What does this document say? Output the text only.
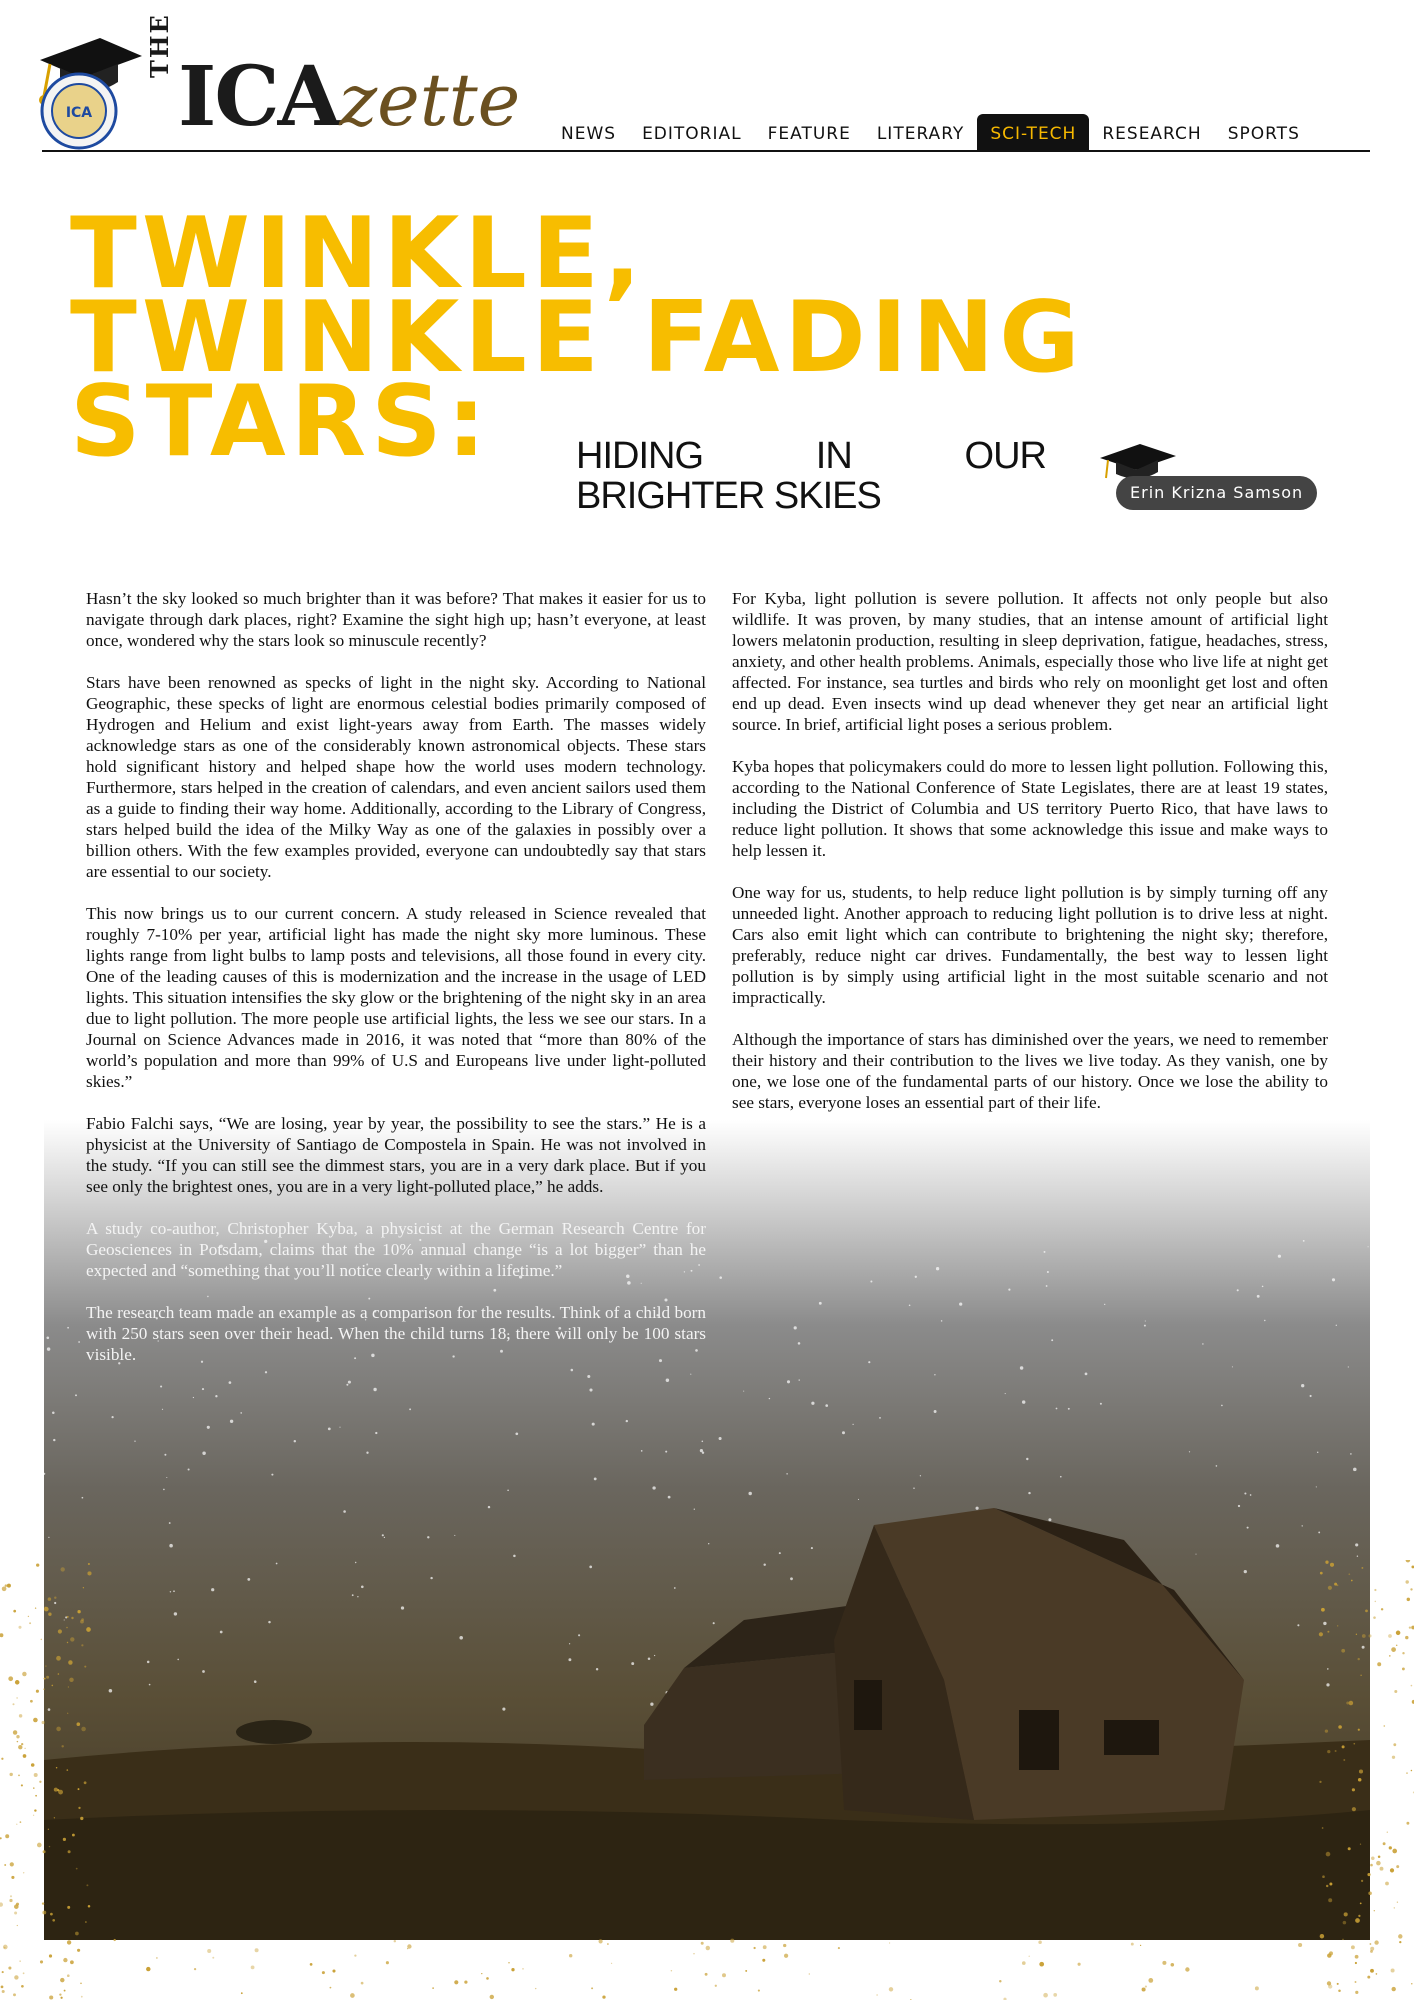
ICA
THE
ICAzette	NEWS	EDITORIAL	FEATURE	LITERARY	SCI-TECH	RESEARCH	SPORTS
TWINKLE,
TWINKLE FADING
STARS:	HIDING	IN	OUR
BRIGHTER SKIES	Erin Krizna Samson

Hasn’t the sky looked so much brighter than it was before? That makes it easier for us to navigate through dark places, right? Examine the sight high up; hasn’t everyone, at least once, wondered why the stars look so minuscule recently?

Stars have been renowned as specks of light in the night sky. According to National Geographic, these specks of light are enormous celestial bodies primarily composed of Hydrogen and Helium and exist light-years away from Earth. The masses widely acknowledge stars as one of the considerably known astronomical objects. These stars hold significant history and helped shape how the world uses modern technology. Furthermore, stars helped in the creation of calendars, and even ancient sailors used them as a guide to finding their way home. Additionally, according to the Library of Congress, stars helped build the idea of the Milky Way as one of the galaxies in possibly over a billion others. With the few examples provided, everyone can undoubtedly say that stars are essential to our society.

This now brings us to our current concern. A study released in Science revealed that roughly 7-10% per year, artificial light has made the night sky more luminous. These lights range from light bulbs to lamp posts and televisions, all those found in every city. One of the leading causes of this is modernization and the increase in the usage of LED lights. This situation intensifies the sky glow or the brightening of the night sky in an area due to light pollution. The more people use artificial lights, the less we see our stars. In a Journal on Science Advances made in 2016, it was noted that “more than 80% of the world’s population and more than 99% of U.S and Europeans live under light-polluted skies.”

Fabio Falchi says, “We are losing, year by year, the possibility to see the stars.” He is a physicist at the University of Santiago de Compostela in Spain. He was not involved in the study. “If you can still see the dimmest stars, you are in a very dark place. But if you see only the brightest ones, you are in a very light-polluted place,” he adds.

A study co-author, Christopher Kyba, a physicist at the German Research Centre for Geosciences in Potsdam, claims that the 10% annual change “is a lot bigger” than he expected and “something that you’ll notice clearly within a lifetime.”

The research team made an example as a comparison for the results. Think of a child born with 250 stars seen over their head. When the child turns 18, there will only be 100 stars visible.

For Kyba, light pollution is severe pollution. It affects not only people but also wildlife. It was proven, by many studies, that an intense amount of artificial light lowers melatonin production, resulting in sleep deprivation, fatigue, headaches, stress, anxiety, and other health problems. Animals, especially those who live life at night get affected. For instance, sea turtles and birds who rely on moonlight get lost and often end up dead. Even insects wind up dead whenever they get near an artificial light source. In brief, artificial light poses a serious problem.

Kyba hopes that policymakers could do more to lessen light pollution. Following this, according to the National Conference of State Legislates, there are at least 19 states, including the District of Columbia and US territory Puerto Rico, that have laws to reduce light pollution. It shows that some acknowledge this issue and make ways to help lessen it.

One way for us, students, to help reduce light pollution is by simply turning off any unneeded light. Another approach to reducing light pollution is to drive less at night. Cars also emit light which can contribute to brightening the night sky; therefore, preferably, reduce night car drives. Fundamentally, the best way to lessen light pollution is by simply using artificial light in the most suitable scenario and not impractically.

Although the importance of stars has diminished over the years, we need to remember their history and their contribution to the lives we live today. As they vanish, one by one, we lose one of the fundamental parts of our history. Once we lose the ability to see stars, everyone loses an essential part of their life.
